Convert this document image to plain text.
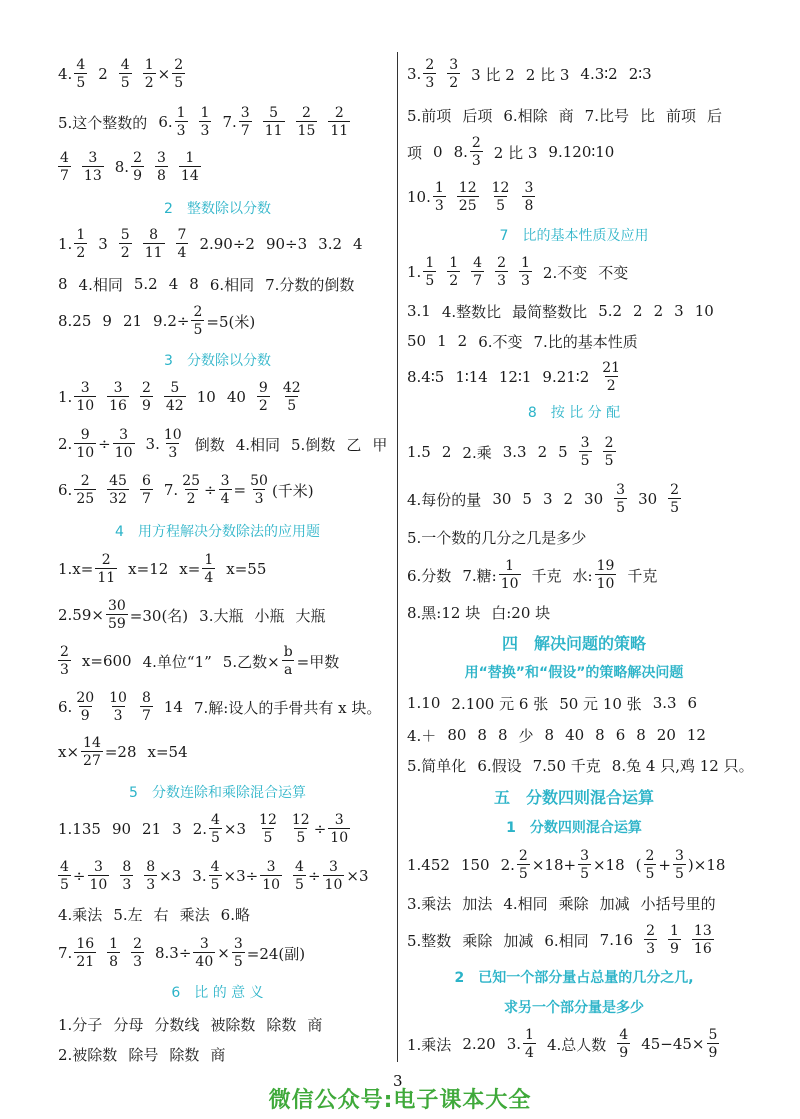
4. $\frac{4}{5} 2 \frac{4}{5} \frac{1}{2} \times \frac{2}{5}$
5.这个整数的 6. $\frac{1}{3} \frac{1}{3} 7$. $\frac{3}{7} \frac{5}{11} \frac{2}{15} \frac{2}{11}$
$\frac{4}{7} \frac{3}{13} 8$. $\frac{2}{9} \frac{3}{8} \frac{1}{14}$
2　整数除以分数
1. $\frac{1}{2} 3 \frac{5}{2} \frac{8}{11} \frac{7}{4} 2.90\div 2$ 90÷3 3.2 4
8 4.相同 5.2 4 8 6.相同 7.分数的倒数
8.25 9 21 $9.2\div \frac{2}{5} =5$(米)
3　分数除以分数
1. $\frac{3}{10} \frac{3}{16} \frac{2}{9} \frac{5}{42} 10$ $40 \frac{9}{2} \frac{42}{5}$
2. $\frac{9}{10} \div \frac{3}{10} 3$. $\frac{10}{3}$ 倒数 4.相同 5.倒数 乙 甲
6. $\frac{2}{25} \frac{45}{32} \frac{6}{7} 7$. $\frac{25}{2} \div \frac{3}{4} = \frac{50}{3}$ (千米)
4　用方程解决分数除法的应用题
$1.x= \frac{2}{11} x=12$ $x= \frac{1}{4} x=55$
$2.59\times \frac{30}{59} =30$(名) 3.大瓶 小瓶 大瓶
$\frac{2}{3} x=600$ 4.单位“1” 5.乙数× $\frac{b}{a}$ =甲数
6. $\frac{20}{9} \frac{10}{3} \frac{8}{7} 14$ 7.解:设人的手骨共有 x 块。
$x\times \frac{14}{27} =28$ x=54
5　分数连除和乘除混合运算
1.135 90 21 3 2. $\frac{4}{5} \times 3 \frac{12}{5} \frac{12}{5} \div \frac{3}{10}$
$\frac{4}{5} \div \frac{3}{10} \frac{8}{3} \frac{8}{3} \times 3$ 3. $\frac{4}{5} \times 3\div \frac{3}{10} \frac{4}{5} \div \frac{3}{10} \times 3$
4.乘法 5.左 右 乘法 6.略
7. $\frac{16}{21} \frac{1}{8} \frac{2}{3} 8.3\div \frac{3}{40} \times \frac{3}{5} =24$(副)
6　比 的 意 义
1.分子 分母 分数线 被除数 除数 商
2.被除数 除号 除数 商
3. $\frac{2}{3} \frac{3}{2} 3$ 比 2 2 比 3 4.3∶2 2∶3
5.前项 后项 6.相除 商 7.比号 比 前项 后
项 0 8. $\frac{2}{3} 2$ 比 3 9.120∶10
10. $\frac{1}{3} \frac{12}{25} \frac{12}{5} \frac{3}{8}$
7　比的基本性质及应用
1. $\frac{1}{5} \frac{1}{2} \frac{4}{7} \frac{2}{3} \frac{1}{3} 2$.不变 不变
3.1 4.整数比 最简整数比 5.2 2 2 3 10
50 1 2 6.不变 7.比的基本性质
8.4∶5 1∶14 12∶1 9.21∶2 $\frac{21}{2}$
8　按 比 分 配
1.5 2 2.乘 3.3 2 $5 \frac{3}{5} \frac{2}{5}$
4.每份的量 30 5 3 2 $30 \frac{3}{5} 30 \frac{2}{5}$
5.一个数的几分之几是多少
6.分数 7.糖: $\frac{1}{10}$ 千克 水: $\frac{19}{10}$ 千克
8.黑:12 块 白:20 块
四　解决问题的策略
用“替换”和“假设”的策略解决问题
1.10 2.100 元 6 张 50 元 10 张 3.3 6
4.＋ 80 8 8 少 8 40 8 6 8 20 12
5.简单化 6.假设 7.50 千克 8.兔 4 只,鸡 12 只。
五　分数四则混合运算
1　分数四则混合运算
1.452 150 2. $\frac{2}{5} \times 18+ \frac{3}{5} \times 18$ ( $\frac{2}{5} + \frac{3}{5} )\times 18$
3.乘法 加法 4.相同 乘除 加减 小括号里的
5.整数 乘除 加减 6.相同 $7.16 \frac{2}{3} \frac{1}{9} \frac{13}{16}$
2　已知一个部分量占总量的几分之几,
求另一个部分量是多少
1.乘法 2.20 3. $\frac{1}{4} 4$.总人数 $\frac{4}{9} 45-45\times \frac{5}{9}$
3
微信公众号:电子课本大全
